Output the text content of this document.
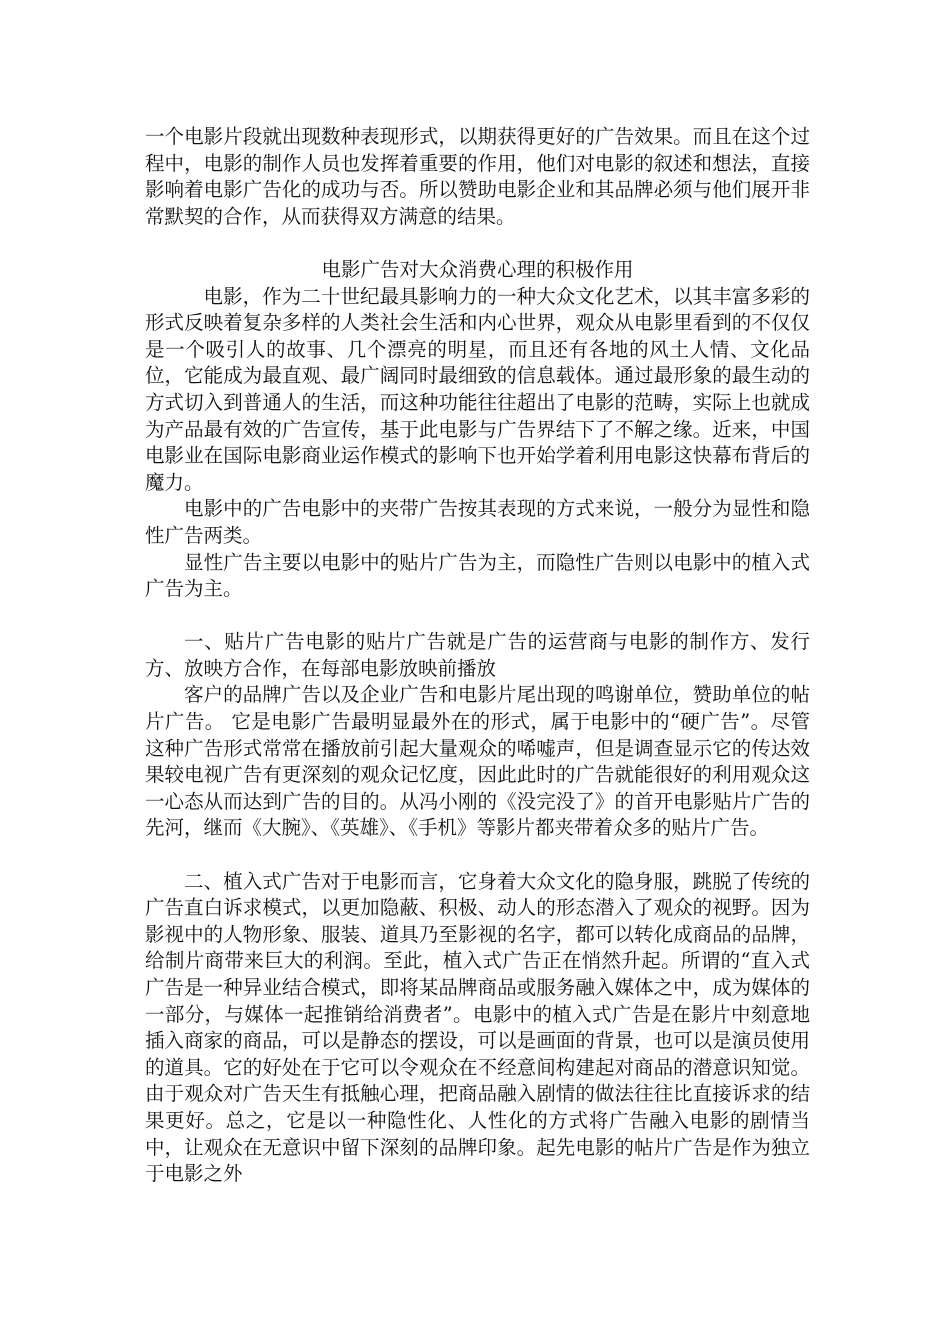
一个电影片段就出现数种表现形式，以期获得更好的广告效果。而且在这个过程中，电影的制作人员也发挥着重要的作用，他们对电影的叙述和想法，直接影响着电影广告化的成功与否。所以赞助电影企业和其品牌必须与他们展开非常默契的合作，从而获得双方满意的结果。

电影广告对大众消费心理的积极作用

电影，作为二十世纪最具影响力的一种大众文化艺术，以其丰富多彩的形式反映着复杂多样的人类社会生活和内心世界，观众从电影里看到的不仅仅是一个吸引人的故事、几个漂亮的明星，而且还有各地的风土人情、文化品位，它能成为最直观、最广阔同时最细致的信息载体。通过最形象的最生动的方式切入到普通人的生活，而这种功能往往超出了电影的范畴，实际上也就成为产品最有效的广告宣传，基于此电影与广告界结下了不解之缘。近来，中国电影业在国际电影商业运作模式的影响下也开始学着利用电影这快幕布背后的魔力。

电影中的广告电影中的夹带广告按其表现的方式来说，一般分为显性和隐性广告两类。

显性广告主要以电影中的贴片广告为主，而隐性广告则以电影中的植入式广告为主。

一、贴片广告电影的贴片广告就是广告的运营商与电影的制作方、发行方、放映方合作，在每部电影放映前播放

客户的品牌广告以及企业广告和电影片尾出现的鸣谢单位，赞助单位的帖片广告。 它是电影广告最明显最外在的形式，属于电影中的“硬广告”。尽管这种广告形式常常在播放前引起大量观众的唏嘘声，但是调查显示它的传达效果较电视广告有更深刻的观众记忆度，因此此时的广告就能很好的利用观众这一心态从而达到广告的目的。从冯小刚的《没完没了》的首开电影贴片广告的先河，继而《大腕》、《英雄》、《手机》等影片都夹带着众多的贴片广告。

二、植入式广告对于电影而言，它身着大众文化的隐身服，跳脱了传统的广告直白诉求模式，以更加隐蔽、积极、动人的形态潜入了观众的视野。因为影视中的人物形象、服装、道具乃至影视的名字，都可以转化成商品的品牌，给制片商带来巨大的利润。至此，植入式广告正在悄然升起。所谓的“直入式广告是一种异业结合模式，即将某品牌商品或服务融入媒体之中，成为媒体的一部分，与媒体一起推销给消费者”。电影中的植入式广告是在影片中刻意地插入商家的商品，可以是静态的摆设，可以是画面的背景，也可以是演员使用的道具。它的好处在于它可以令观众在不经意间构建起对商品的潜意识知觉。由于观众对广告天生有抵触心理，把商品融入剧情的做法往往比直接诉求的结果更好。总之，它是以一种隐性化、人性化的方式将广告融入电影的剧情当中，让观众在无意识中留下深刻的品牌印象。起先电影的帖片广告是作为独立于电影之外
